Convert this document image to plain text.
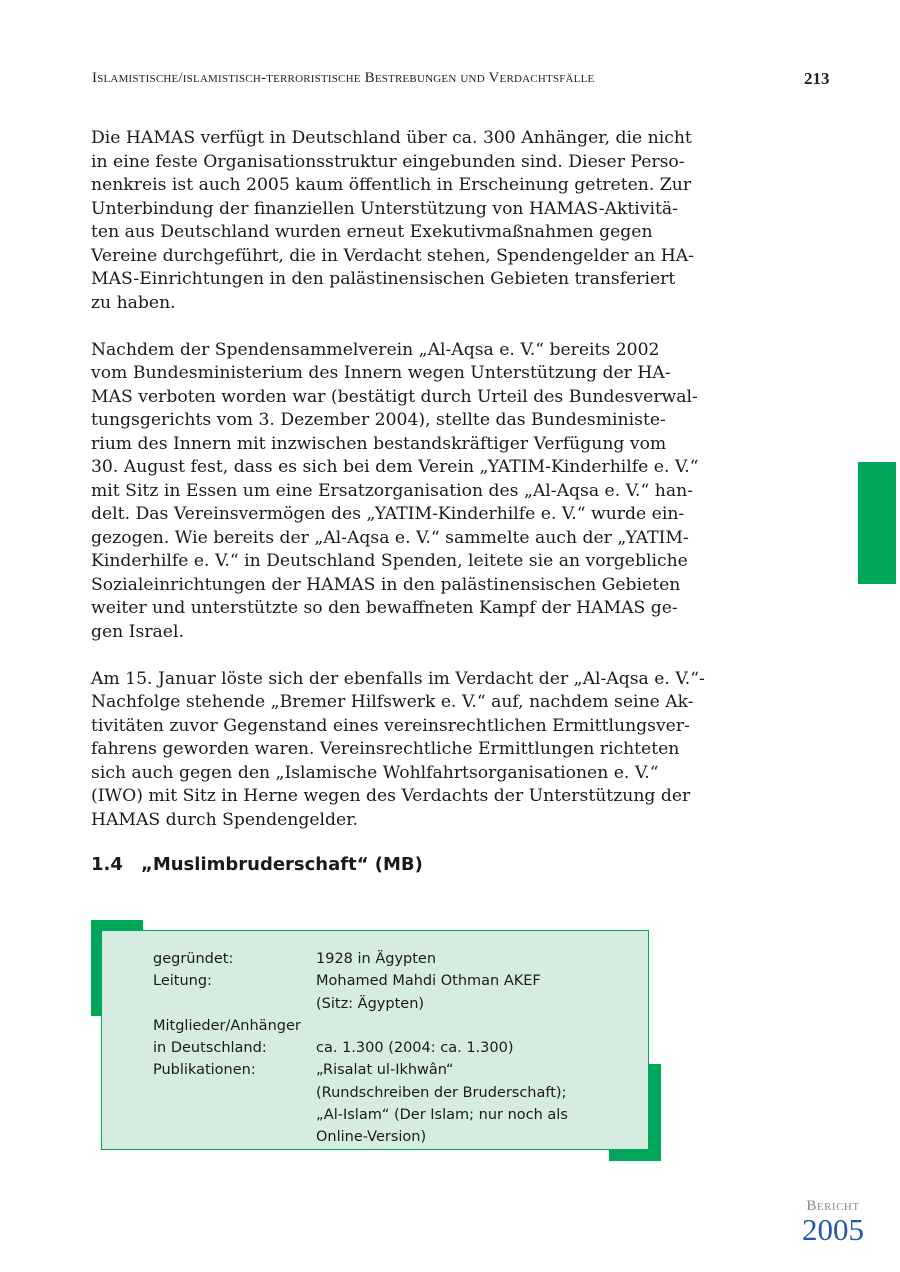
Islamistische/islamistisch-terroristische Bestrebungen und Verdachtsfälle	213

Die HAMAS verfügt in Deutschland über ca. 300 Anhänger, die nicht
in eine feste Organisationsstruktur eingebunden sind. Dieser Perso-
nenkreis ist auch 2005 kaum öffentlich in Erscheinung getreten. Zur
Unterbindung der finanziellen Unterstützung von HAMAS-Aktivitä-
ten aus Deutschland wurden erneut Exekutivmaßnahmen gegen
Vereine durchgeführt, die in Verdacht stehen, Spendengelder an HA-
MAS-Einrichtungen in den palästinensischen Gebieten transferiert
zu haben.

Nachdem der Spendensammelverein „Al-Aqsa e. V.“ bereits 2002
vom Bundesministerium des Innern wegen Unterstützung der HA-
MAS verboten worden war (bestätigt durch Urteil des Bundesverwal-
tungsgerichts vom 3. Dezember 2004), stellte das Bundesministe-
rium des Innern mit inzwischen bestandskräftiger Verfügung vom
30. August fest, dass es sich bei dem Verein „YATIM-Kinderhilfe e. V.“
mit Sitz in Essen um eine Ersatzorganisation des „Al-Aqsa e. V.“ han-
delt. Das Vereinsvermögen des „YATIM-Kinderhilfe e. V.“ wurde ein-
gezogen. Wie bereits der „Al-Aqsa e. V.“ sammelte auch der „YATIM-
Kinderhilfe e. V.“ in Deutschland Spenden, leitete sie an vorgebliche
Sozialeinrichtungen der HAMAS in den palästinensischen Gebieten
weiter und unterstützte so den bewaffneten Kampf der HAMAS ge-
gen Israel.

Am 15. Januar löste sich der ebenfalls im Verdacht der „Al-Aqsa e. V.“-
Nachfolge stehende „Bremer Hilfswerk e. V.“ auf, nachdem seine Ak-
tivitäten zuvor Gegenstand eines vereinsrechtlichen Ermittlungsver-
fahrens geworden waren. Vereinsrechtliche Ermittlungen richteten
sich auch gegen den „Islamische Wohlfahrtsorganisationen e. V.“
(IWO) mit Sitz in Herne wegen des Verdachts der Unterstützung der
HAMAS durch Spendengelder.

1.4 „Muslimbruderschaft“ (MB)
gegründet:	1928 in Ägypten
Leitung:	Mohamed Mahdi Othman AKEF
	(Sitz: Ägypten)
Mitglieder/Anhänger	
in Deutschland:	ca. 1.300 (2004: ca. 1.300)
Publikationen:	„Risalat ul-Ikhwân“
	(Rundschreiben der Bruderschaft);
	„Al-Islam“ (Der Islam; nur noch als
	Online-Version)
Bericht
2005
